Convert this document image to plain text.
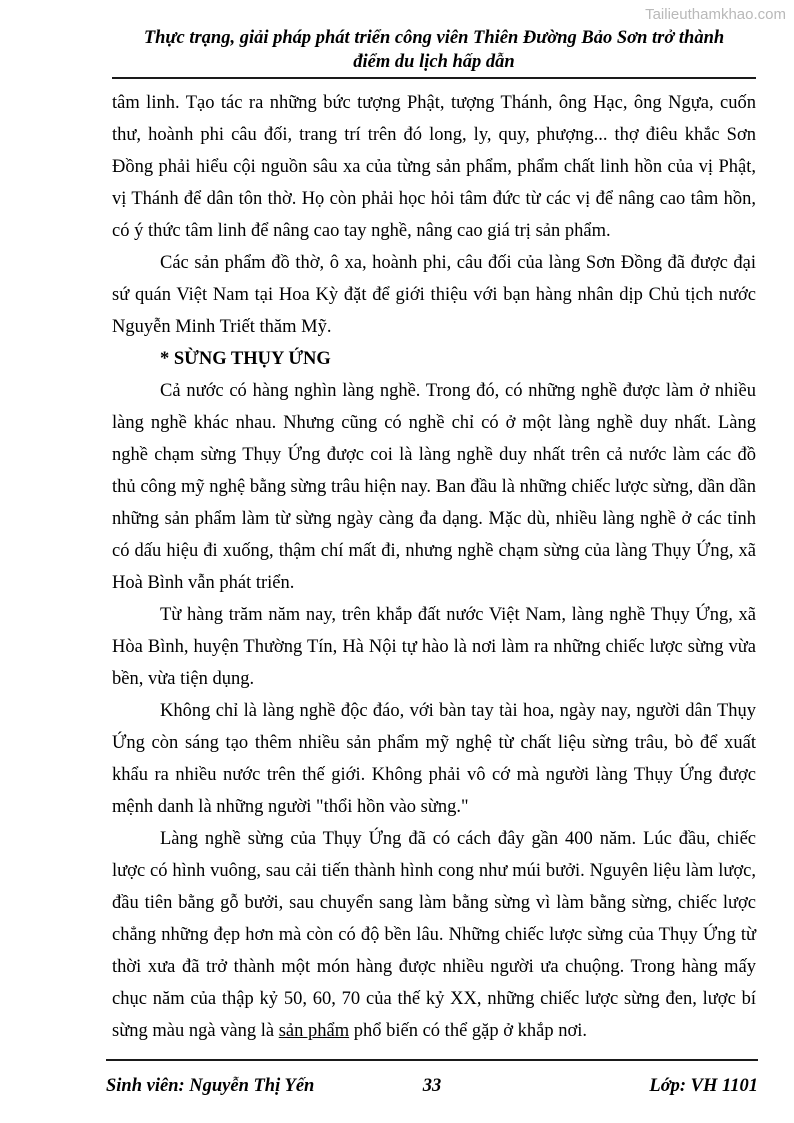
Tailieuthamkhao.com
Thực trạng, giải pháp phát triển công viên Thiên Đường Bảo Sơn trở thành
điểm du lịch hấp dẫn

tâm linh. Tạo tác ra những bức tượng Phật, tượng Thánh, ông Hạc, ông Ngựa, cuốn thư, hoành phi câu đối, trang trí trên đó long, ly, quy, phượng... thợ điêu khắc Sơn Đồng phải hiểu cội nguồn sâu xa của từng sản phẩm, phẩm chất linh hồn của vị Phật, vị Thánh để dân tôn thờ. Họ còn phải học hỏi tâm đức từ các vị để nâng cao tâm hồn, có ý thức tâm linh để nâng cao tay nghề, nâng cao giá trị sản phẩm.

Các sản phẩm đồ thờ, ô xa, hoành phi, câu đối của làng Sơn Đồng đã được đại sứ quán Việt Nam tại Hoa Kỳ đặt để giới thiệu với bạn hàng nhân dịp Chủ tịch nước Nguyễn Minh Triết thăm Mỹ.

* SỪNG THỤY ỨNG

Cả nước có hàng nghìn làng nghề. Trong đó, có những nghề được làm ở nhiều làng nghề khác nhau. Nhưng cũng có nghề chỉ có ở một làng nghề duy nhất. Làng nghề chạm sừng Thụy Ứng được coi là làng nghề duy nhất trên cả nước làm các đồ thủ công mỹ nghệ bằng sừng trâu hiện nay. Ban đầu là những chiếc lược sừng, dần dần những sản phẩm làm từ sừng ngày càng đa dạng. Mặc dù, nhiều làng nghề ở các tỉnh có dấu hiệu đi xuống, thậm chí mất đi, nhưng nghề chạm sừng của làng Thụy Ứng, xã Hoà Bình vẫn phát triển.

Từ hàng trăm năm nay, trên khắp đất nước Việt Nam, làng nghề Thụy Ứng, xã Hòa Bình, huyện Thường Tín, Hà Nội tự hào là nơi làm ra những chiếc lược sừng vừa bền, vừa tiện dụng.

Không chỉ là làng nghề độc đáo, với bàn tay tài hoa, ngày nay, người dân Thụy Ứng còn sáng tạo thêm nhiều sản phẩm mỹ nghệ từ chất liệu sừng trâu, bò để xuất khẩu ra nhiều nước trên thế giới. Không phải vô cớ mà người làng Thụy Ứng được mệnh danh là những người "thổi hồn vào sừng."

Làng nghề sừng của Thụy Ứng đã có cách đây gần 400 năm. Lúc đầu, chiếc lược có hình vuông, sau cải tiến thành hình cong như múi bưởi. Nguyên liệu làm lược, đầu tiên bằng gỗ bưởi, sau chuyển sang làm bằng sừng vì làm bằng sừng, chiếc lược chẳng những đẹp hơn mà còn có độ bền lâu. Những chiếc lược sừng của Thụy Ứng từ thời xưa đã trở thành một món hàng được nhiều người ưa chuộng. Trong hàng mấy chục năm của thập kỷ 50, 60, 70 của thế kỷ XX, những chiếc lược sừng đen, lược bí sừng màu ngà vàng là sản phẩm phổ biến có thể gặp ở khắp nơi.

Sinh viên: Nguyễn Thị Yến	33	Lớp: VH 1101
